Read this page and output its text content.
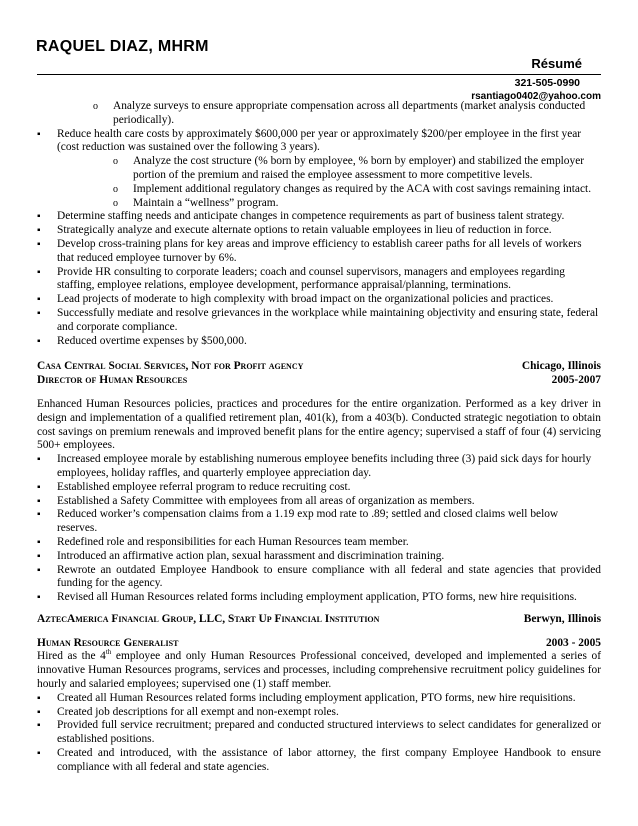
RAQUEL DIAZ, MHRM
Résumé
321-505-0990
rsantiago0402@yahoo.com
o Analyze surveys to ensure appropriate compensation across all departments (market analysis conducted periodically).
▪ Reduce health care costs by approximately $600,000 per year or approximately $200/per employee in the first year (cost reduction was sustained over the following 3 years).
o Analyze the cost structure (% born by employee, % born by employer) and stabilized the employer portion of the premium and raised the employee assessment to more competitive levels.
o Implement additional regulatory changes as required by the ACA with cost savings remaining intact.
o Maintain a “wellness” program.
▪ Determine staffing needs and anticipate changes in competence requirements as part of business talent strategy.
▪ Strategically analyze and execute alternate options to retain valuable employees in lieu of reduction in force.
▪ Develop cross-training plans for key areas and improve efficiency to establish career paths for all levels of workers that reduced employee turnover by 6%.
▪ Provide HR consulting to corporate leaders; coach and counsel supervisors, managers and employees regarding staffing, employee relations, employee development, performance appraisal/planning, terminations.
▪ Lead projects of moderate to high complexity with broad impact on the organizational policies and practices.
▪ Successfully mediate and resolve grievances in the workplace while maintaining objectivity and ensuring state, federal and corporate compliance.
▪ Reduced overtime expenses by $500,000.
Casa Central Social Services, Not for Profit agency	Chicago, Illinois
Director of Human Resources	2005-2007

Enhanced Human Resources policies, practices and procedures for the entire organization. Performed as a key driver in design and implementation of a qualified retirement plan, 401(k), from a 403(b). Conducted strategic negotiation to obtain cost savings on premium renewals and improved benefit plans for the entire agency; supervised a staff of four (4) servicing 500+ employees.

▪ Increased employee morale by establishing numerous employee benefits including three (3) paid sick days for hourly employees, holiday raffles, and quarterly employee appreciation day.
▪ Established employee referral program to reduce recruiting cost.
▪ Established a Safety Committee with employees from all areas of organization as members.
▪ Reduced worker’s compensation claims from a 1.19 exp mod rate to .89; settled and closed claims well below reserves.
▪ Redefined role and responsibilities for each Human Resources team member.
▪ Introduced an affirmative action plan, sexual harassment and discrimination training.
▪ Rewrote an outdated Employee Handbook to ensure compliance with all federal and state agencies that provided funding for the agency.
▪ Revised all Human Resources related forms including employment application, PTO forms, new hire requisitions.
AztecAmerica Financial Group, LLC, Start Up Financial Institution	Berwyn, Illinois
Human Resource Generalist	2003 - 2005

Hired as the 4th employee and only Human Resources Professional conceived, developed and implemented a series of innovative Human Resources programs, services and processes, including comprehensive recruitment policy guidelines for hourly and salaried employees; supervised one (1) staff member.

▪ Created all Human Resources related forms including employment application, PTO forms, new hire requisitions.
▪ Created job descriptions for all exempt and non-exempt roles.
▪ Provided full service recruitment; prepared and conducted structured interviews to select candidates for generalized or established positions.
▪ Created and introduced, with the assistance of labor attorney, the first company Employee Handbook to ensure compliance with all federal and state agencies.
